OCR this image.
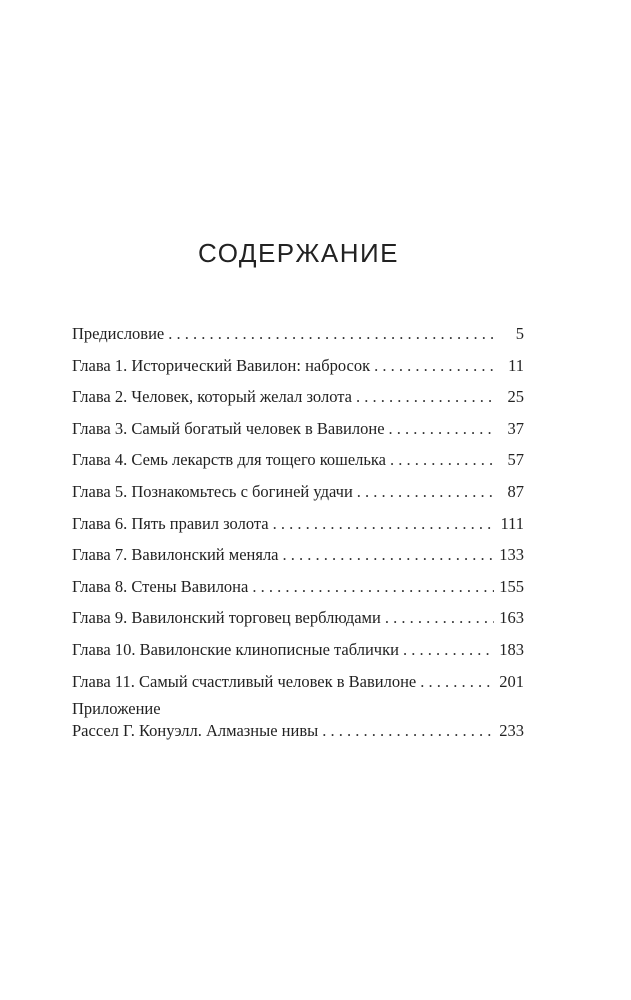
СОДЕРЖАНИЕ
Предисловие . . .	5
Глава 1. Исторический Вавилон: набросок . . .	11
Глава 2. Человек, который желал золота . . .	25
Глава 3. Самый богатый человек в Вавилоне . . .	37
Глава 4. Семь лекарств для тощего кошелька . . .	57
Глава 5. Познакомьтесь с богиней удачи . . .	87
Глава 6. Пять правил золота . . .	111
Глава 7. Вавилонский меняла . . .	133
Глава 8. Стены Вавилона . . .	155
Глава 9. Вавилонский торговец верблюдами . . .	163
Глава 10. Вавилонские клинописные таблички . . .	183
Глава 11. Самый счастливый человек в Вавилоне . . .	201
Приложение
Рассел Г. Конуэлл. Алмазные нивы . . .	233
